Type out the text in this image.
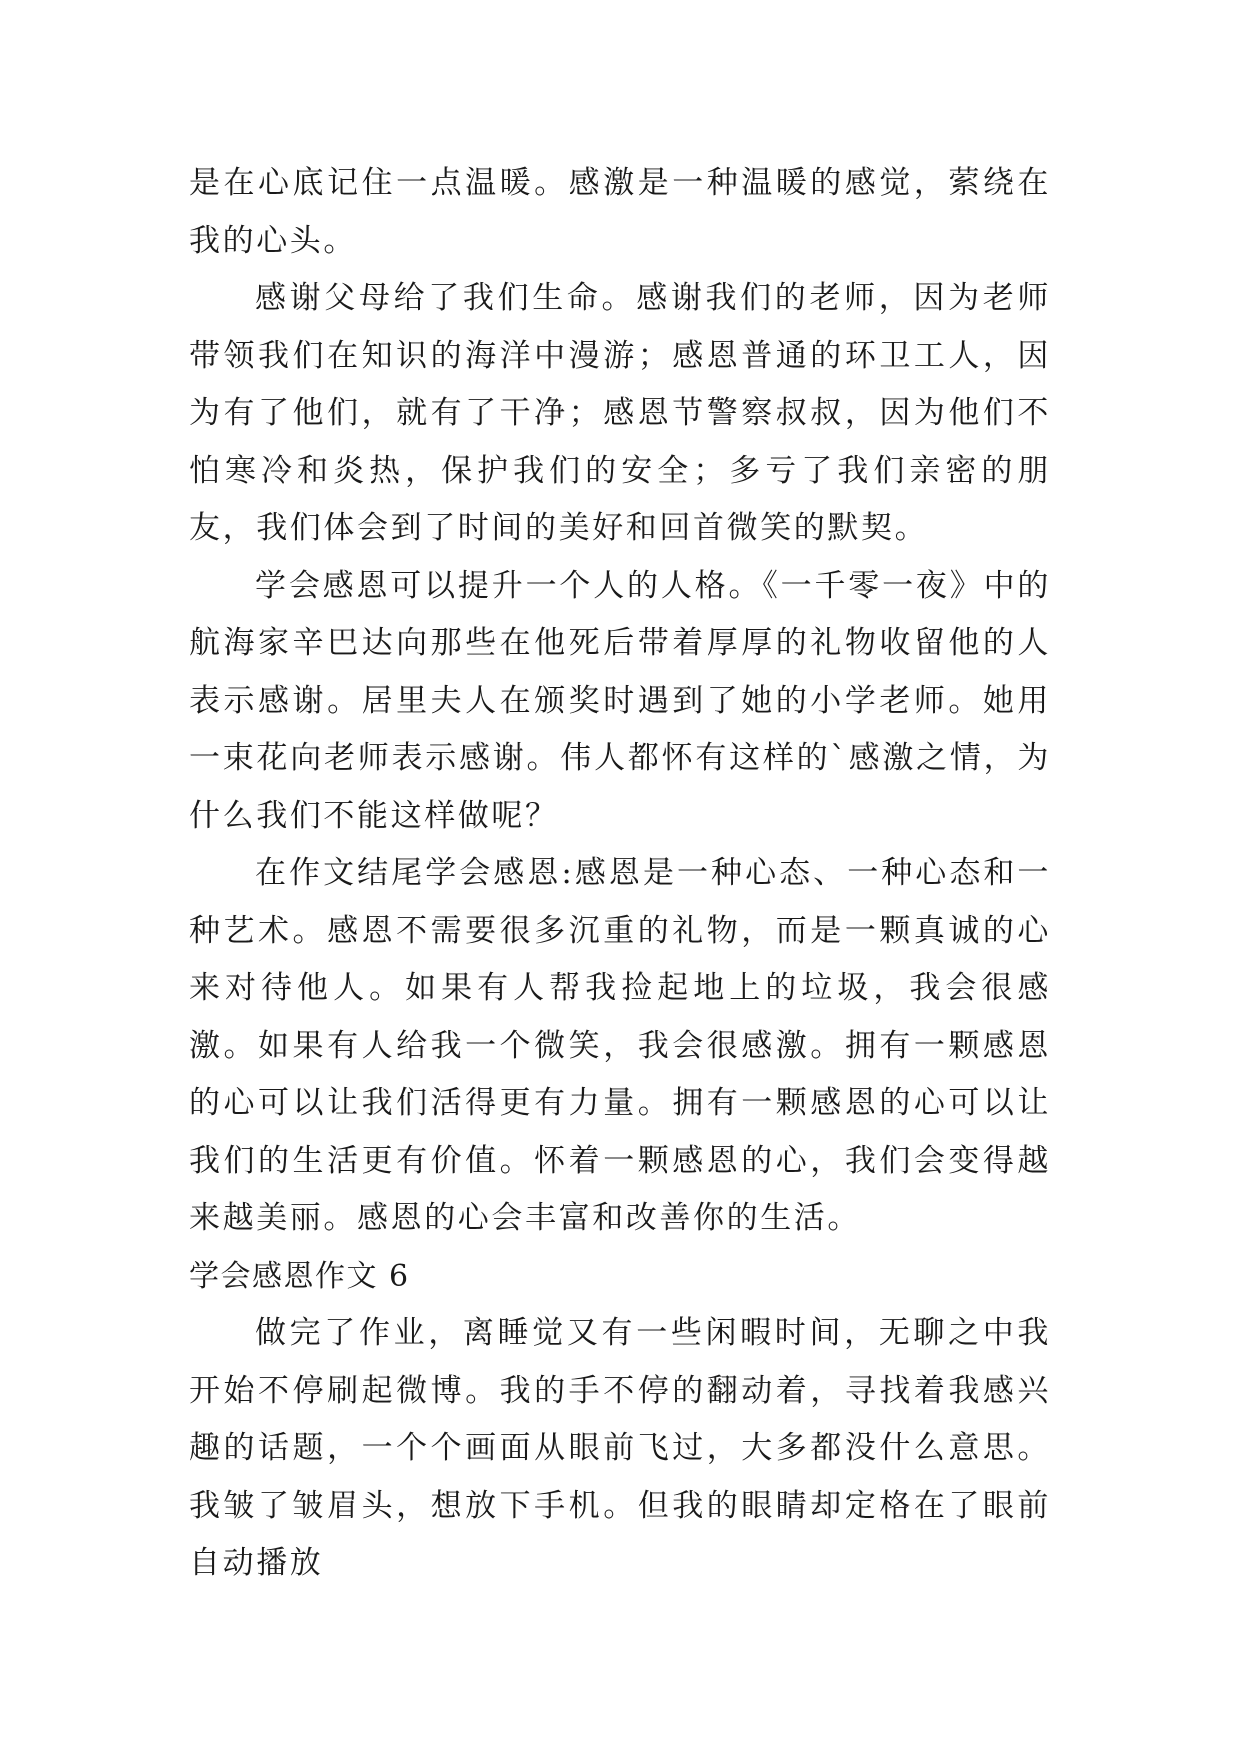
是在心底记住一点温暖。感激是一种温暖的感觉，萦绕在我的心头。

感谢父母给了我们生命。感谢我们的老师，因为老师带领我们在知识的海洋中漫游；感恩普通的环卫工人，因为有了他们，就有了干净；感恩节警察叔叔，因为他们不怕寒冷和炎热，保护我们的安全；多亏了我们亲密的朋友，我们体会到了时间的美好和回首微笑的默契。

学会感恩可以提升一个人的人格。《一千零一夜》中的航海家辛巴达向那些在他死后带着厚厚的礼物收留他的人表示感谢。居里夫人在颁奖时遇到了她的小学老师。她用一束花向老师表示感谢。伟人都怀有这样的`感激之情，为什么我们不能这样做呢？

在作文结尾学会感恩:感恩是一种心态、一种心态和一种艺术。感恩不需要很多沉重的礼物，而是一颗真诚的心来对待他人。如果有人帮我捡起地上的垃圾，我会很感激。如果有人给我一个微笑，我会很感激。拥有一颗感恩的心可以让我们活得更有力量。拥有一颗感恩的心可以让我们的生活更有价值。怀着一颗感恩的心，我们会变得越来越美丽。感恩的心会丰富和改善你的生活。

学会感恩作文 6

做完了作业，离睡觉又有一些闲暇时间，无聊之中我开始不停刷起微博。我的手不停的翻动着，寻找着我感兴趣的话题，一个个画面从眼前飞过，大多都没什么意思。我皱了皱眉头，想放下手机。但我的眼睛却定格在了眼前自动播放
